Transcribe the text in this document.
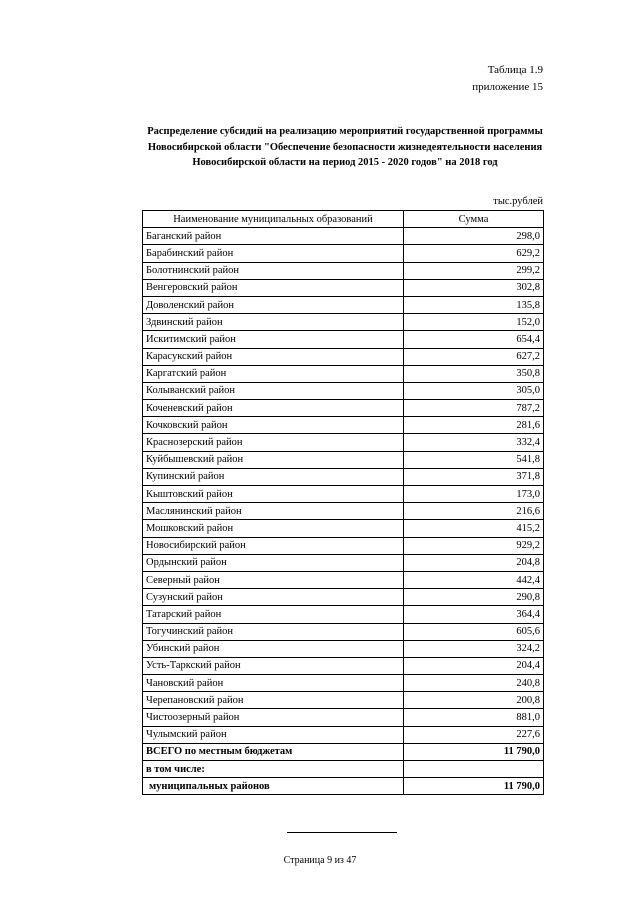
Таблица 1.9
приложение 15
Распределение субсидий на реализацию мероприятий государственной программы Новосибирской области "Обеспечение безопасности жизнедеятельности населения Новосибирской области на период 2015 - 2020 годов" на 2018 год
тыс.рублей
Наименование муниципальных образований	Сумма
Баганский район	298,0
Барабинский район	629,2
Болотнинский район	299,2
Венгеровский район	302,8
Доволенский район	135,8
Здвинский район	152,0
Искитимский район	654,4
Карасукский район	627,2
Каргатский район	350,8
Колыванский район	305,0
Коченевский район	787,2
Кочковский район	281,6
Краснозерский район	332,4
Куйбышевский район	541,8
Купинский район	371,8
Кыштовский район	173,0
Маслянинский район	216,6
Мошковский район	415,2
Новосибирский район	929,2
Ордынский район	204,8
Северный район	442,4
Сузунский район	290,8
Татарский район	364,4
Тогучинский район	605,6
Убинский район	324,2
Усть-Таркский район	204,4
Чановский район	240,8
Черепановский район	200,8
Чистоозерный район	881,0
Чулымский район	227,6
ВСЕГО по местным бюджетам	11 790,0
в том числе:	
муниципальных районов	11 790,0
Страница 9 из 47
